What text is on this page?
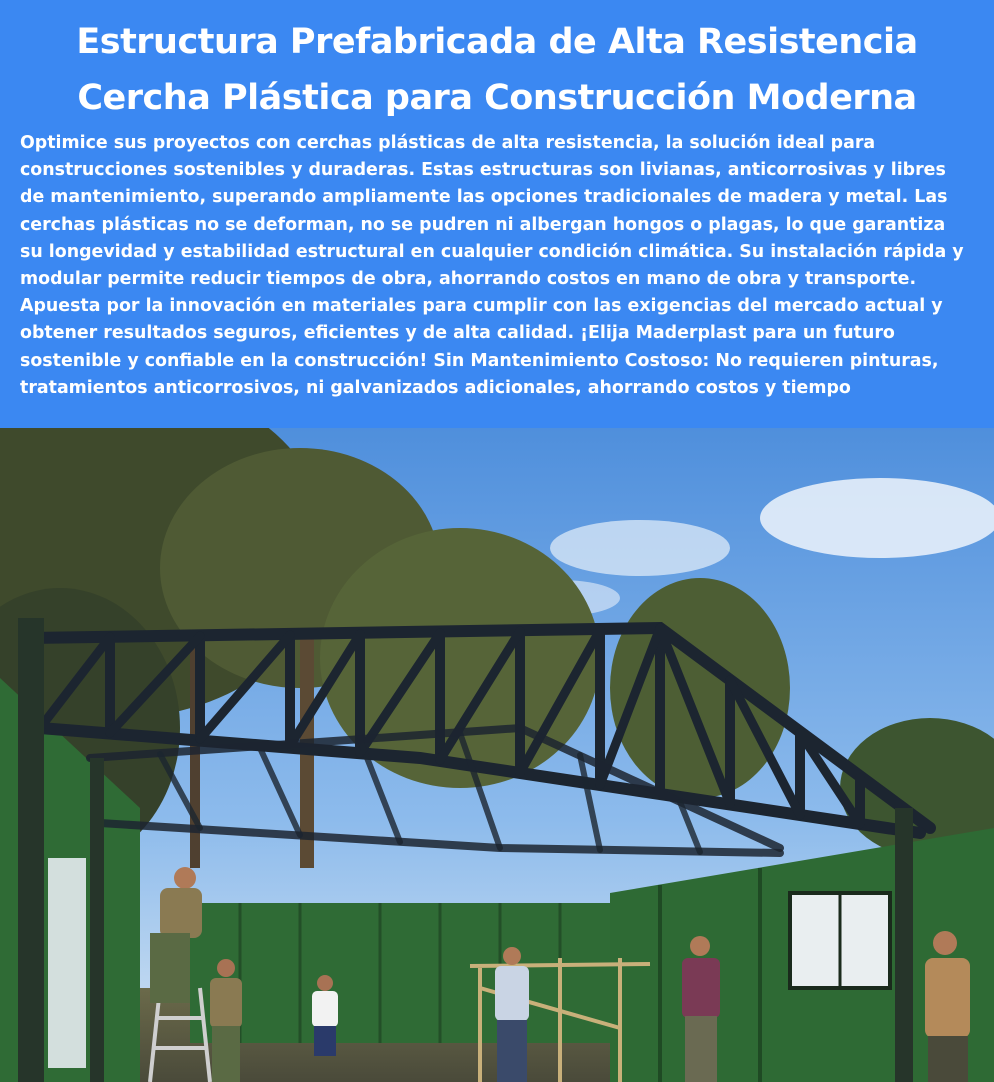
Estructura Prefabricada de Alta Resistencia
Cercha Plástica para Construcción Moderna
Optimice sus proyectos con cerchas plásticas de alta resistencia, la solución ideal para
construcciones sostenibles y duraderas. Estas estructuras son livianas, anticorrosivas y libres
de mantenimiento, superando ampliamente las opciones tradicionales de madera y metal. Las
cerchas plásticas no se deforman, no se pudren ni albergan hongos o plagas, lo que garantiza
su longevidad y estabilidad estructural en cualquier condición climática. Su instalación rápida y
modular permite reducir tiempos de obra, ahorrando costos en mano de obra y transporte.
Apuesta por la innovación en materiales para cumplir con las exigencias del mercado actual y
obtener resultados seguros, eficientes y de alta calidad. ¡Elija Maderplast para un futuro
sostenible y confiable en la construcción! Sin Mantenimiento Costoso: No requieren pinturas,
tratamientos anticorrosivos, ni galvanizados adicionales, ahorrando costos y tiempo
